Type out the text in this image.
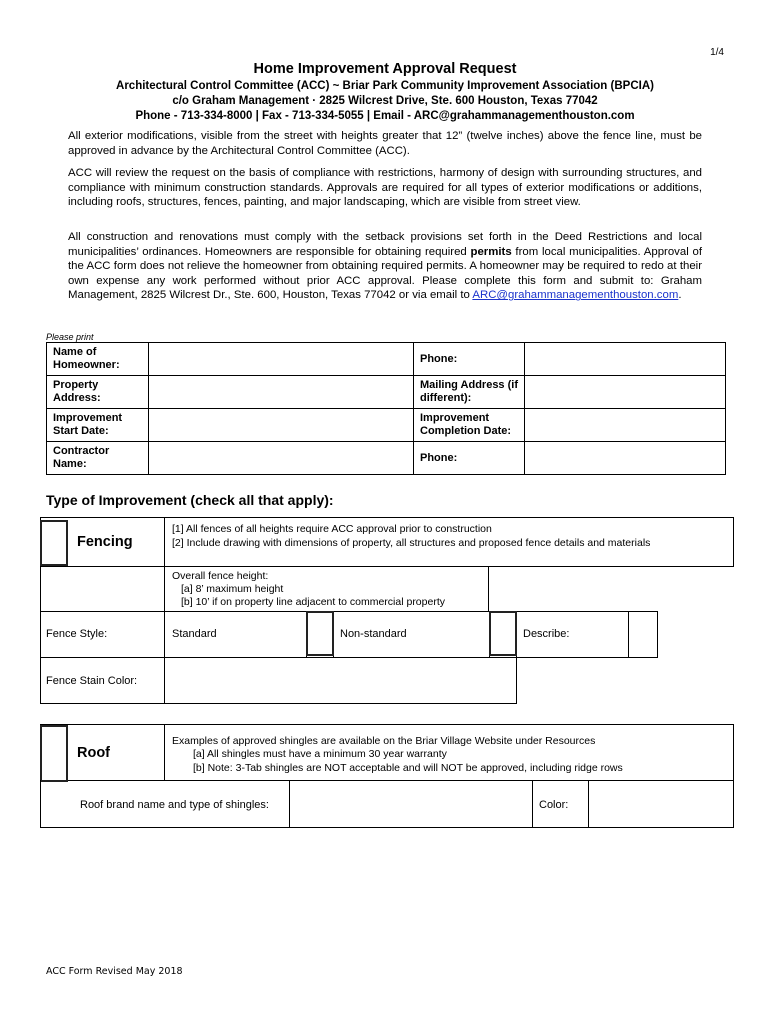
1/4
Home Improvement Approval Request
Architectural Control Committee (ACC) ~ Briar Park Community Improvement Association (BPCIA)
c/o Graham Management · 2825 Wilcrest Drive, Ste. 600 Houston, Texas 77042
Phone - 713-334-8000 | Fax - 713-334-5055 | Email - ARC@grahammanagementhouston.com
All exterior modifications, visible from the street with heights greater that 12” (twelve inches) above the fence line, must be approved in advance by the Architectural Control Committee (ACC).
ACC will review the request on the basis of compliance with restrictions, harmony of design with surrounding structures, and compliance with minimum construction standards. Approvals are required for all types of exterior modifications or additions, including roofs, structures, fences, painting, and major landscaping, which are visible from street view.
All construction and renovations must comply with the setback provisions set forth in the Deed Restrictions and local municipalities’ ordinances. Homeowners are responsible for obtaining required permits from local municipalities. Approval of the ACC form does not relieve the homeowner from obtaining required permits. A homeowner may be required to redo at their own expense any work performed without prior ACC approval. Please complete this form and submit to: Graham Management, 2825 Wilcrest Dr., Ste. 600, Houston, Texas 77042 or via email to ARC@grahammanagementhouston.com.
Please print
Name of Homeowner:		Phone:	
Property Address:		Mailing Address (if different):	
Improvement Start Date:		Improvement Completion Date:	
Contractor Name:		Phone:	
Type of Improvement (check all that apply):
Fencing
[1] All fences of all heights require ACC approval prior to construction
[2] Include drawing with dimensions of property, all structures and proposed fence details and materials
Overall fence height:
[a] 8’ maximum height
[b] 10’ if on property line adjacent to commercial property
Fence Style:	Standard	Non-standard	Describe:
Fence Stain Color:
Roof
Examples of approved shingles are available on the Briar Village Website under Resources
[a] All shingles must have a minimum 30 year warranty
[b] Note: 3-Tab shingles are NOT acceptable and will NOT be approved, including ridge rows
Roof brand name and type of shingles:	Color:
ACC Form Revised May 2018
